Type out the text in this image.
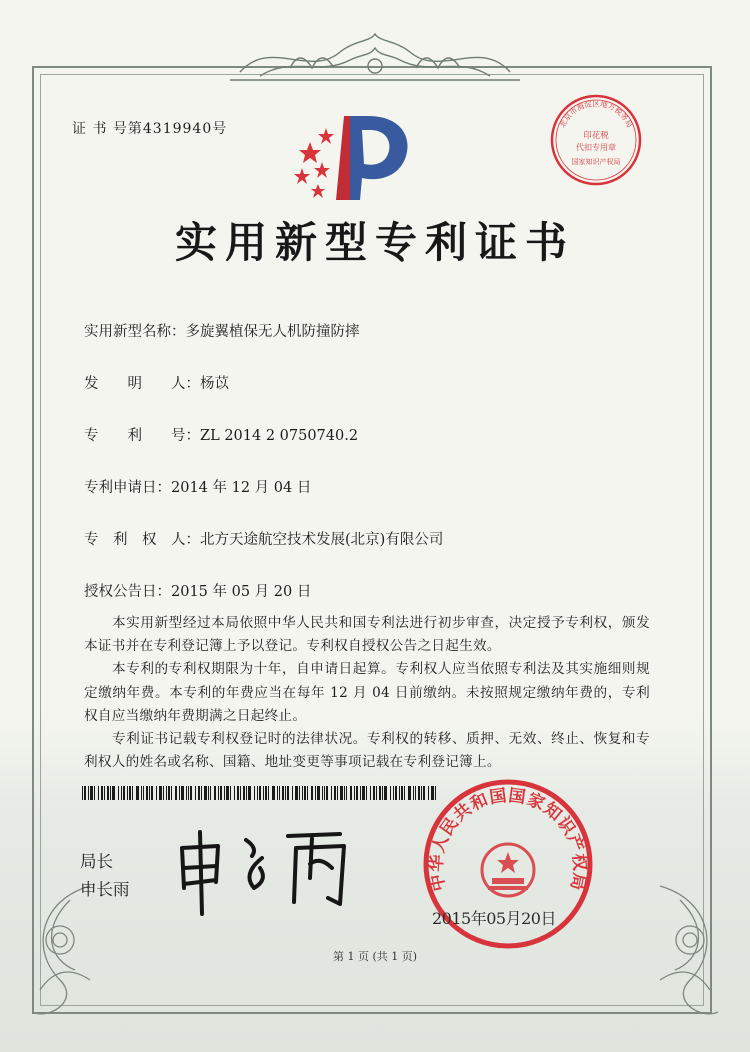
证 书 号第4319940号
实用新型专利证书
实用新型名称：多旋翼植保无人机防撞防摔
发　　明　　人：杨苡
专　　利　　号：ZL 2014 2 0750740.2
专利申请日：2014 年 12 月 04 日
专　利　权　人：北方天途航空技术发展(北京)有限公司
授权公告日：2015 年 05 月 20 日

本实用新型经过本局依照中华人民共和国专利法进行初步审查，决定授予专利权，颁发本证书并在专利登记簿上予以登记。专利权自授权公告之日起生效。

本专利的专利权期限为十年，自申请日起算。专利权人应当依照专利法及其实施细则规定缴纳年费。本专利的年费应当在每年 12 月 04 日前缴纳。未按照规定缴纳年费的，专利权自应当缴纳年费期满之日起终止。

专利证书记载专利权登记时的法律状况。专利权的转移、质押、无效、终止、恢复和专利权人的姓名或名称、国籍、地址变更等事项记载在专利登记簿上。

局长
申长雨
北京市海淀区地方税务局
印花税
代扣专用章
国家知识产权局
中华人民共和国国家知识产权局
2015年05月20日
第 1 页 (共 1 页)
